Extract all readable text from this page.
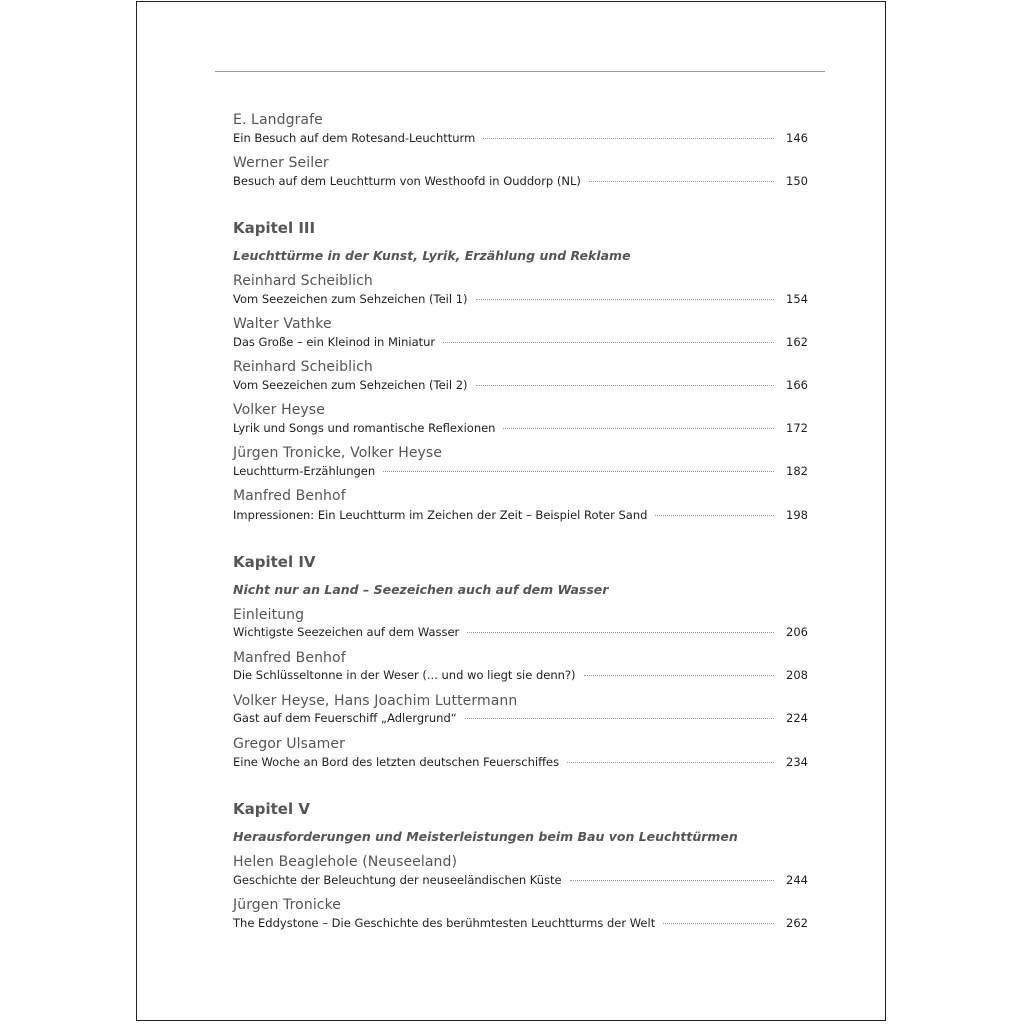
E. Landgrafe
Ein Besuch auf dem Rotesand-Leuchtturm	146
Werner Seiler
Besuch auf dem Leuchtturm von Westhoofd in Ouddorp (NL)	150
Kapitel III
Leuchttürme in der Kunst, Lyrik, Erzählung und Reklame
Reinhard Scheiblich
Vom Seezeichen zum Sehzeichen (Teil 1)	154
Walter Vathke
Das Große – ein Kleinod in Miniatur	162
Reinhard Scheiblich
Vom Seezeichen zum Sehzeichen (Teil 2)	166
Volker Heyse
Lyrik und Songs und romantische Reflexionen	172
Jürgen Tronicke, Volker Heyse
Leuchtturm-Erzählungen	182
Manfred Benhof
Impressionen: Ein Leuchtturm im Zeichen der Zeit – Beispiel Roter Sand	198
Kapitel IV
Nicht nur an Land – Seezeichen auch auf dem Wasser
Einleitung
Wichtigste Seezeichen auf dem Wasser	206
Manfred Benhof
Die Schlüsseltonne in der Weser (... und wo liegt sie denn?)	208
Volker Heyse, Hans Joachim Luttermann
Gast auf dem Feuerschiff „Adlergrund“	224
Gregor Ulsamer
Eine Woche an Bord des letzten deutschen Feuerschiffes	234
Kapitel V
Herausforderungen und Meisterleistungen beim Bau von Leuchttürmen
Helen Beaglehole (Neuseeland)
Geschichte der Beleuchtung der neuseeländischen Küste	244
Jürgen Tronicke
The Eddystone – Die Geschichte des berühmtesten Leuchtturms der Welt	262
